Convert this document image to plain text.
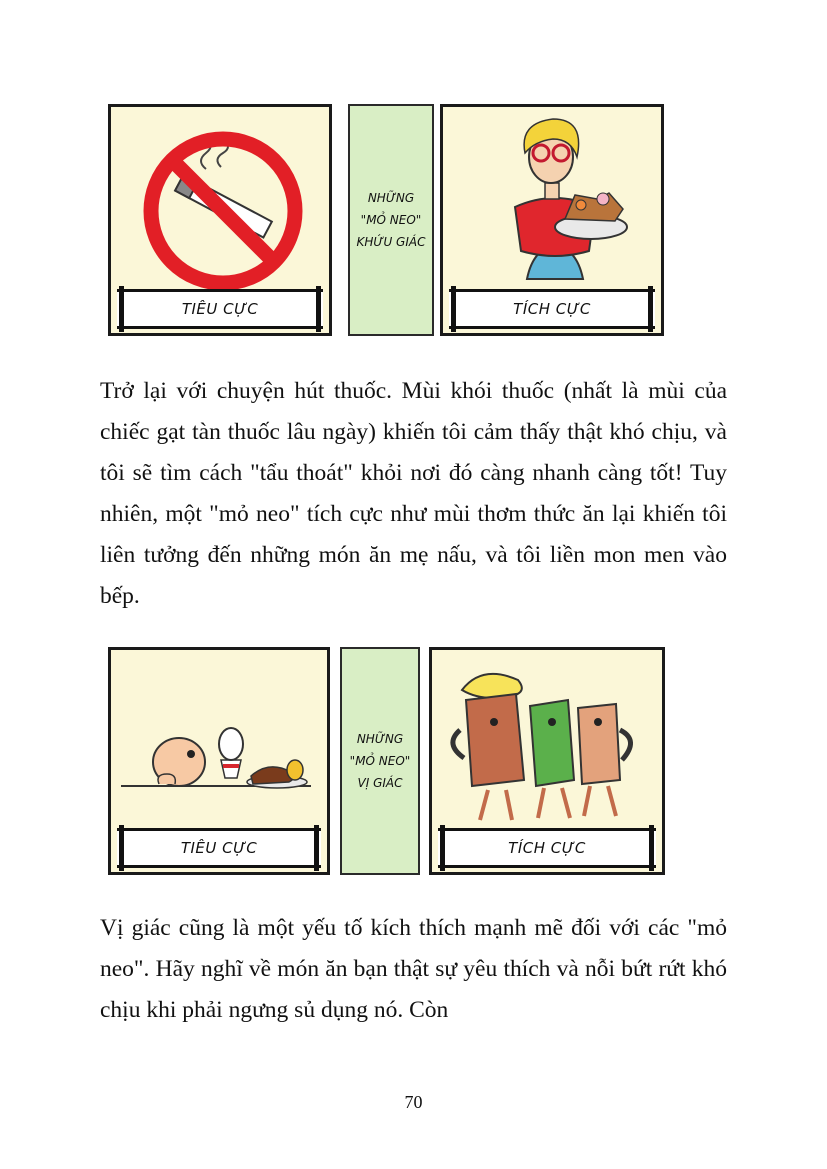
TIÊU CỰC
NHỮNG "MỎ NEO" KHỨU GIÁC
TÍCH CỰC

Trở lại với chuyện hút thuốc. Mùi khói thuốc (nhất là mùi của chiếc gạt tàn thuốc lâu ngày) khiến tôi cảm thấy thật khó chịu, và tôi sẽ tìm cách "tẩu thoát" khỏi nơi đó càng nhanh càng tốt! Tuy nhiên, một "mỏ neo" tích cực như mùi thơm thức ăn lại khiến tôi liên tưởng đến những món ăn mẹ nấu, và tôi liền mon men vào bếp.

TIÊU CỰC
NHỮNG "MỎ NEO" VỊ GIÁC
TÍCH CỰC

Vị giác cũng là một yếu tố kích thích mạnh mẽ đối với các "mỏ neo". Hãy nghĩ về món ăn bạn thật sự yêu thích và nỗi bứt rứt khó chịu khi phải ngưng sủ dụng nó. Còn

70
